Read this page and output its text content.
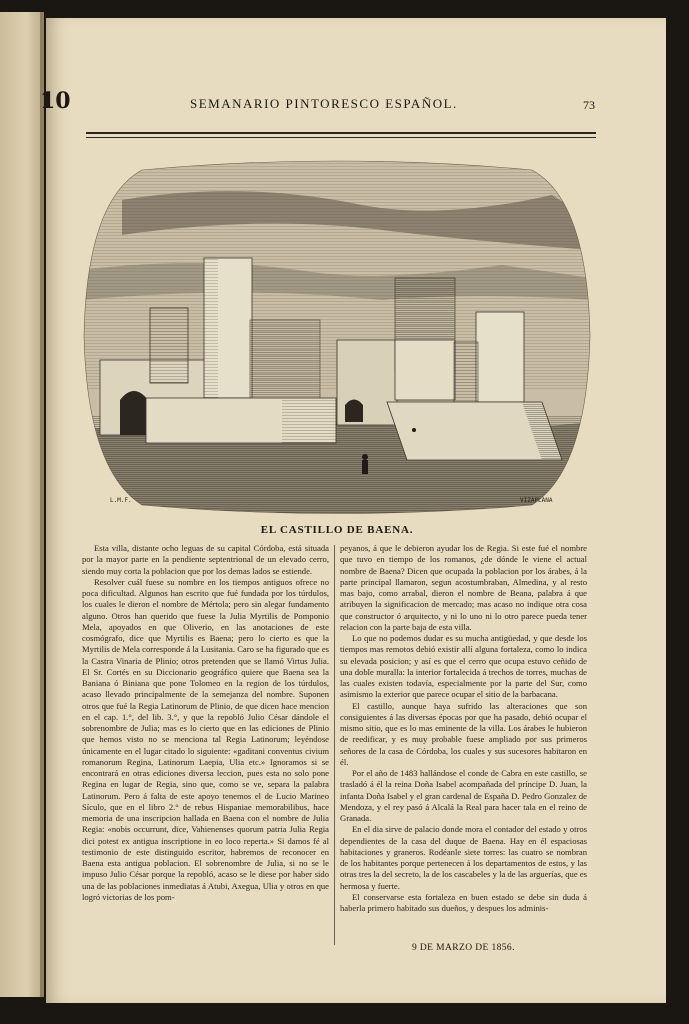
10	SEMANARIO PINTORESCO ESPAÑOL.	73
L.M.F.	VIZAPLANA
EL CASTILLO DE BAENA.

Esta villa, distante ocho leguas de su capital Córdoba, está situada por la mayor parte en la pendiente septentrional de un elevado cerro, siendo muy corta la poblacion que por los demas lados se estiende.

Resolver cuál fuese su nombre en los tiempos antiguos ofrece no poca dificultad. Algunos han escrito que fué fundada por los túrdulos, los cuales le dieron el nombre de Mértola; pero sin alegar fundamento alguno. Otros han querido que fuese la Julia Myrtilis de Pomponio Mela, apoyados en que Oliverio, en las anotaciones de este cosmógrafo, dice que Myrtilis es Baena; pero lo cierto es que la Myrtilis de Mela corresponde á la Lusitania. Caro se ha figurado que es la Castra Vinaria de Plinio; otros pretenden que se llamó Virtus Julia. El Sr. Cortés en su Diccionario geográfico quiere que Baena sea la Baniana ó Biniana que pone Tolomeo en la region de los túrdulos, acaso llevado principalmente de la semejanza del nombre. Suponen otros que fué la Regia Latinorum de Plinio, de que dicen hace mencion en el cap. 1.°, del lib. 3.°, y que la repobló Julio César dándole el sobrenombre de Julia; mas es lo cierto que en las ediciones de Plinio que hemos visto no se menciona tal Regia Latinorum; leyéndose únicamente en el lugar citado lo siguiente: «gaditani conventus civium romanorum Regina, Latinorum Laepia, Ulia etc.» Ignoramos si se encontrará en otras ediciones diversa leccion, pues esta no solo pone Regina en lugar de Regia, sino que, como se ve, separa la palabra Latinorum. Pero á falta de este apoyo tenemos el de Lucio Marineo Sículo, que en el libro 2.° de rebus Hispaniae memorabilibus, hace memoria de una inscripcion hallada en Baena con el nombre de Julia Regia: «nobis occurrunt, dice, Vahienenses quorum patria Julia Regia dici potest ex antigua inscriptione in eo loco reperta.» Si damos fé al testimonio de este distinguido escritor, habremos de reconocer en Baena esta antigua poblacion. El sobrenombre de Julia, si no se le impuso Julio César porque la repobló, acaso se le diese por haber sido una de las poblaciones inmediatas á Atubi, Axegua, Ulia y otros en que logró victorias de los pom-

peyanos, á que le debieron ayudar los de Regia. Si este fué el nombre que tuvo en tiempo de los romanos, ¿de dónde le viene el actual nombre de Baena? Dicen que ocupada la poblacion por los árabes, á la parte principal llamaron, segun acostumbraban, Almedina, y al resto mas bajo, como arrabal, dieron el nombre de Beana, palabra á que atribuyen la significacion de mercado; mas acaso no indique otra cosa que constructor ó arquitecto, y ni lo uno ni lo otro parece pueda tener relacion con la parte baja de esta villa.

Lo que no podemos dudar es su mucha antigüedad, y que desde los tiempos mas remotos debió existir allí alguna fortaleza, como lo indica su elevada posicion; y así es que el cerro que ocupa estuvo ceñido de una doble muralla: la interior fortalecida á trechos de torres, muchas de las cuales existen todavía, especialmente por la parte del Sur, como asimismo la exterior que parece ocupar el sitio de la barbacana.

El castillo, aunque haya sufrido las alteraciones que son consiguientes á las diversas épocas por que ha pasado, debió ocupar el mismo sitio, que es lo mas eminente de la villa. Los árabes le hubieron de reedificar, y es muy probable fuese ampliado por sus primeros señores de la casa de Córdoba, los cuales y sus sucesores habitaron en él.

Por el año de 1483 hallándose el conde de Cabra en este castillo, se trasladó á él la reina Doña Isabel acompañada del príncipe D. Juan, la infanta Doña Isabel y el gran cardenal de España D. Pedro Gonzalez de Mendoza, y el rey pasó á Alcalá la Real para hacer tala en el reino de Granada.

En el dia sirve de palacio donde mora el contador del estado y otros dependientes de la casa del duque de Baena. Hay en él espaciosas habitaciones y graneros. Rodéanle siete torres: las cuatro se nombran de los habitantes porque pertenecen á los departamentos de estos, y las otras tres la del secreto, la de los cascabeles y la de las arguerías, que es hermosa y fuerte.

El conservarse esta fortaleza en buen estado se debe sin duda á haberla primero habitado sus dueños, y despues los adminis-

9 DE MARZO DE 1856.
